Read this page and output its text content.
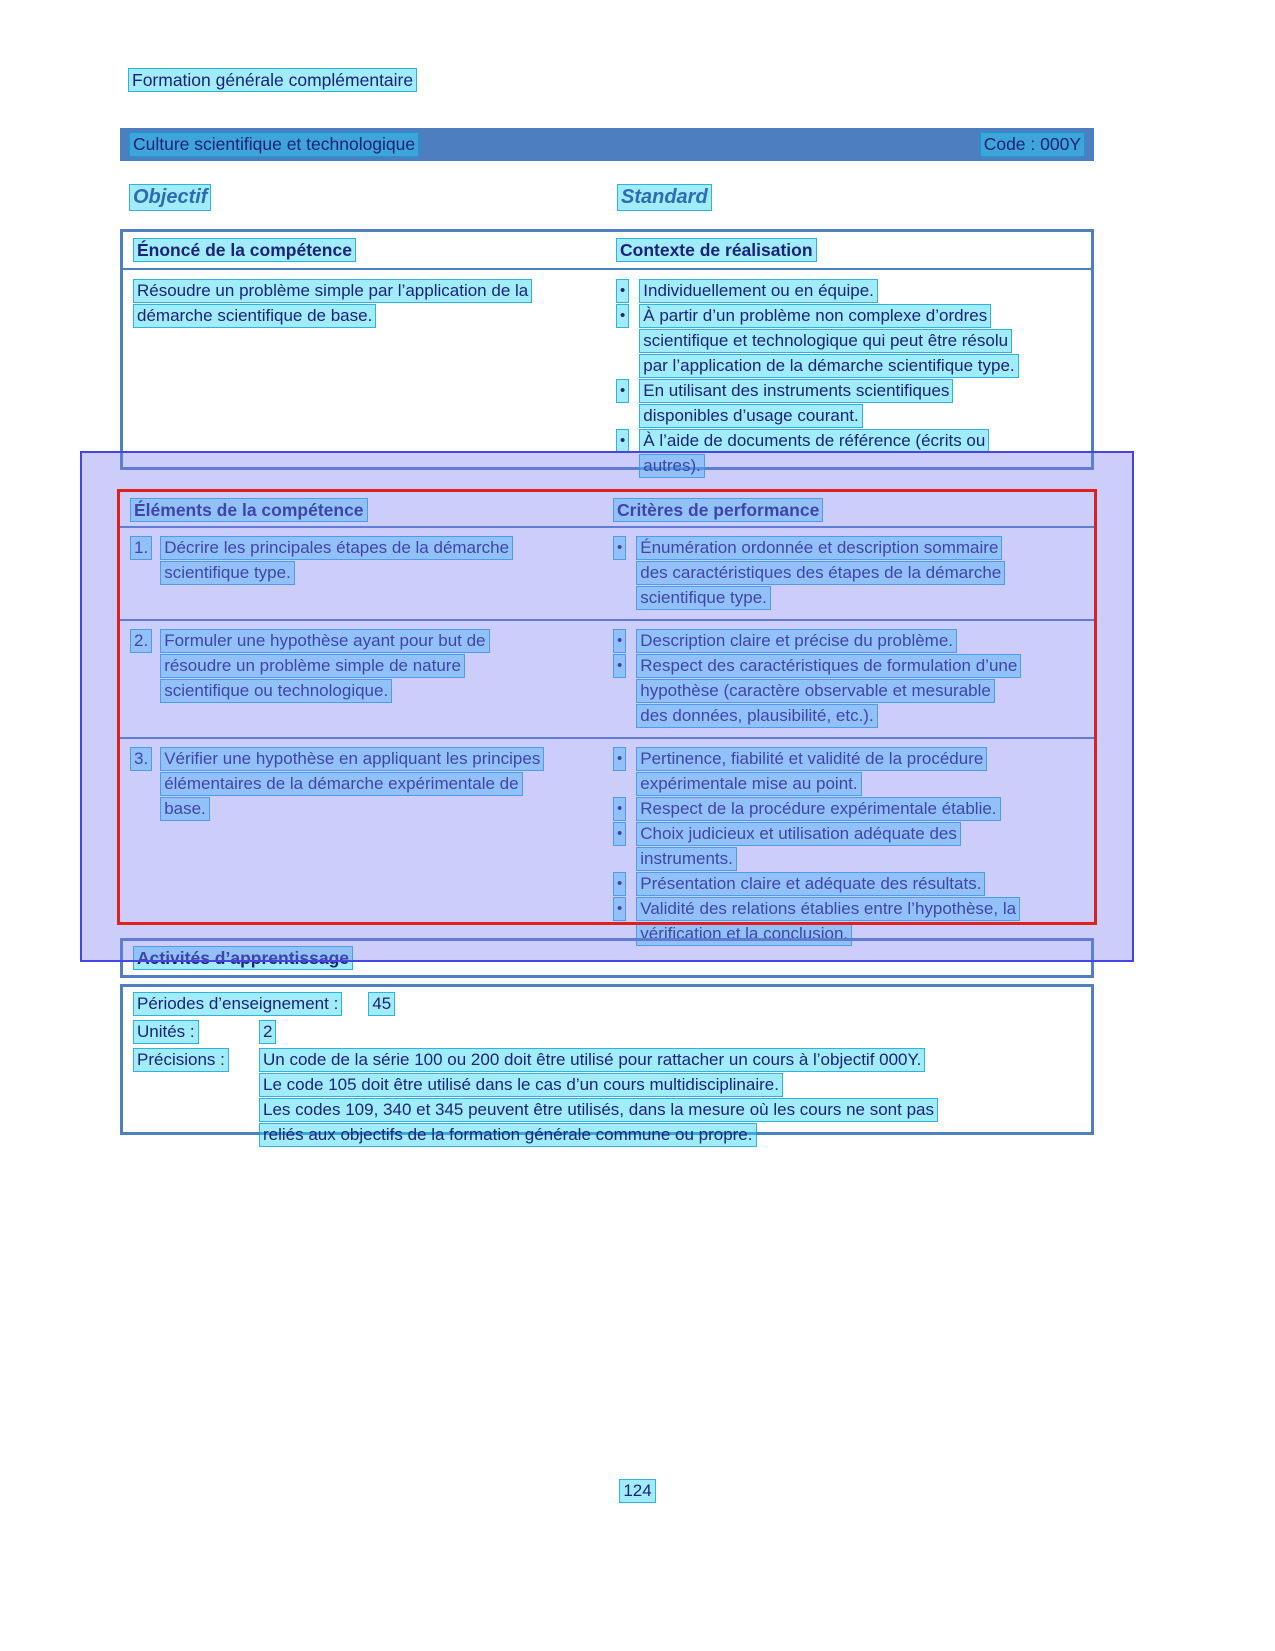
Formation générale complémentaire
Culture scientifique et technologique	Code : 000Y
Objectif	Standard
Énoncé de la compétence	Contexte de réalisation
Résoudre un problème simple par l’application de la
démarche scientifique de base.
• Individuellement ou en équipe.
• À partir d’un problème non complexe d’ordres
scientifique et technologique qui peut être résolu
par l’application de la démarche scientifique type.
• En utilisant des instruments scientifiques
disponibles d’usage courant.
• À l’aide de documents de référence (écrits ou
autres).
Éléments de la compétence	Critères de performance
1. Décrire les principales étapes de la démarche
scientifique type.
• Énumération ordonnée et description sommaire
des caractéristiques des étapes de la démarche
scientifique type.
2. Formuler une hypothèse ayant pour but de
résoudre un problème simple de nature
scientifique ou technologique.
• Description claire et précise du problème.
• Respect des caractéristiques de formulation d’une
hypothèse (caractère observable et mesurable
des données, plausibilité, etc.).
3. Vérifier une hypothèse en appliquant les principes
élémentaires de la démarche expérimentale de
base.
• Pertinence, fiabilité et validité de la procédure
expérimentale mise au point.
• Respect de la procédure expérimentale établie.
• Choix judicieux et utilisation adéquate des
instruments.
• Présentation claire et adéquate des résultats.
• Validité des relations établies entre l’hypothèse, la
vérification et la conclusion.
Activités d’apprentissage
Périodes d’enseignement : 45
Unités :	2
Précisions : Un code de la série 100 ou 200 doit être utilisé pour rattacher un cours à l’objectif 000Y.
Le code 105 doit être utilisé dans le cas d’un cours multidisciplinaire.
Les codes 109, 340 et 345 peuvent être utilisés, dans la mesure où les cours ne sont pas
reliés aux objectifs de la formation générale commune ou propre.
124
